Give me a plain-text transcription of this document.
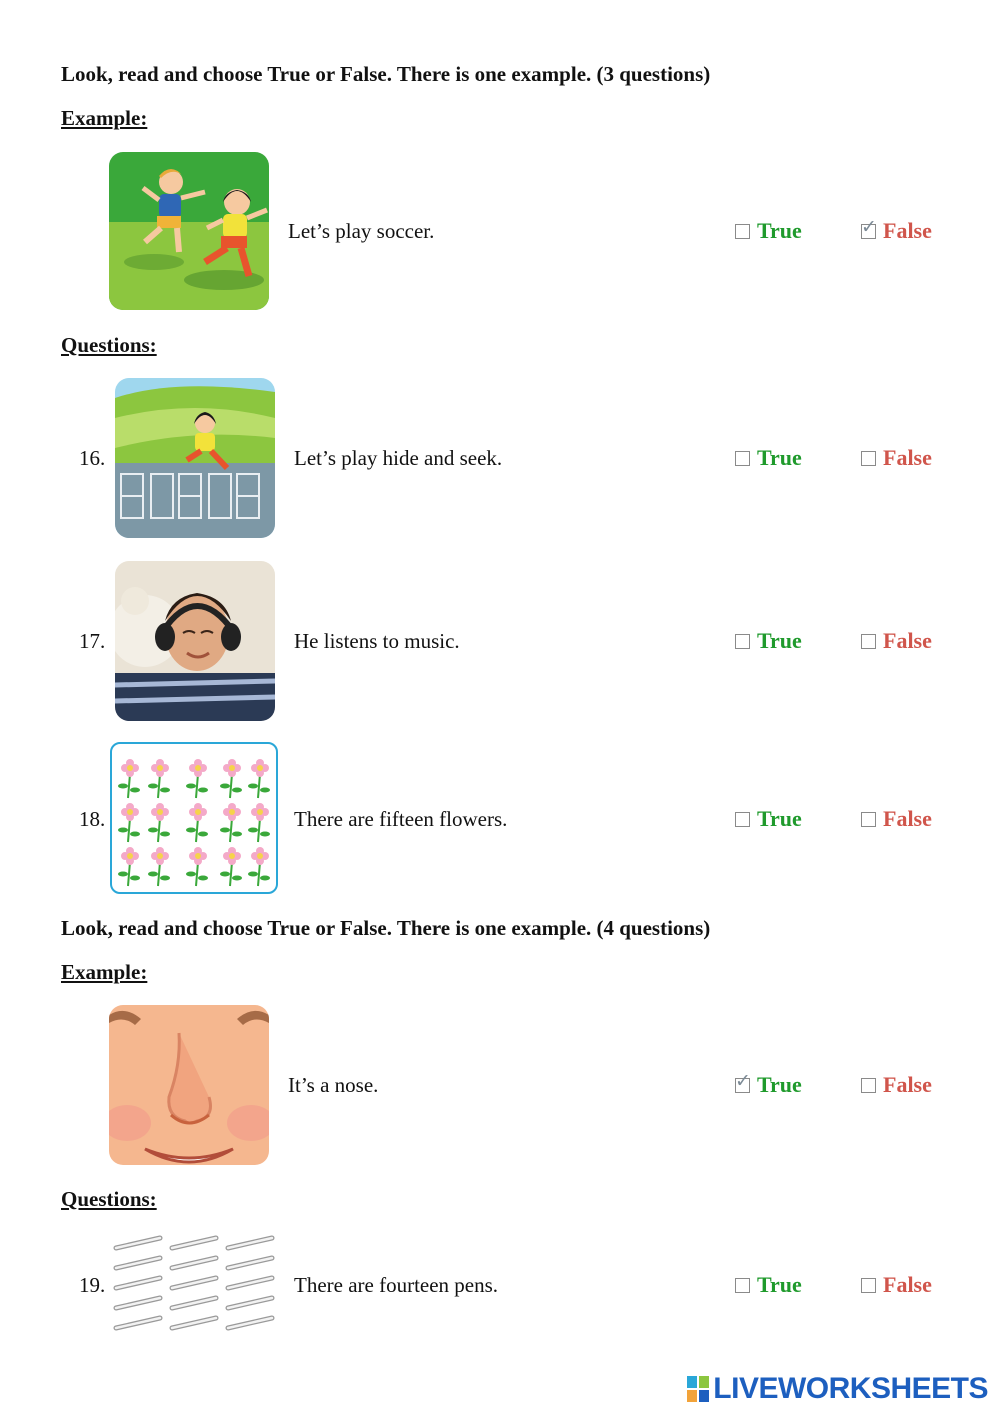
Look, read and choose True or False. There is one example. (3 questions)
Example:
Let’s play soccer.	True	✓ False
Questions:
16.	Let’s play hide and seek.	True	False
17.	He listens to music.	True	False
18.	There are fifteen flowers.	True	False
Look, read and choose True or False. There is one example. (4 questions)
Example:
It’s a nose.	✓ True	False
Questions:
19.	There are fourteen pens.	True	False
LIVEWORKSHEETS
